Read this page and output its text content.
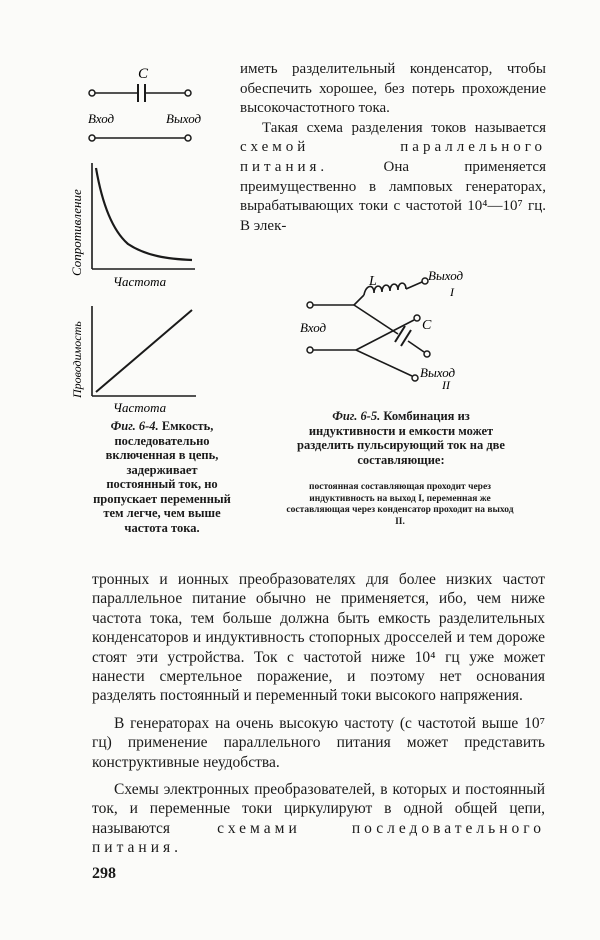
C
Вход	Выход
Сопротивление
Частота
Проводимость
Частота
Фиг. 6-4. Емкость, последовательно включенная в цепь, задерживает постоянный ток, но пропускает переменный тем легче, чем выше частота тока.

иметь разделительный конденсатор, чтобы обеспечить хорошее, без потерь прохождение высокочастотного тока.

Такая схема разделения токов называется схемой параллельного питания. Она применяется преимущественно в ламповых генераторах, вырабатывающих токи с частотой 10⁴—10⁷ гц. В элек-

Вход
L	Выход
I
C
Выход
II
Фиг. 6-5. Комбинация из индуктивности и емкости может разделить пульсирующий ток на две составляющие:
постоянная составляющая проходит через индуктивность на выход I, переменная же составляющая через конденсатор проходит на выход II.

тронных и ионных преобразователях для более низких частот параллельное питание обычно не применяется, ибо, чем ниже частота тока, тем больше должна быть емкость разделительных конденсаторов и индуктивность стопорных дросселей и тем дороже стоят эти устройства. Ток с частотой ниже 10⁴ гц уже может нанести смертельное поражение, и поэтому нет основания разделять постоянный и переменный токи высокого напряжения.

В генераторах на очень высокую частоту (с частотой выше 10⁷ гц) применение параллельного питания может представить конструктивные неудобства.

Схемы электронных преобразователей, в которых и постоянный ток, и переменные токи циркулируют в одной общей цепи, называются схемами последовательного питания.

298
